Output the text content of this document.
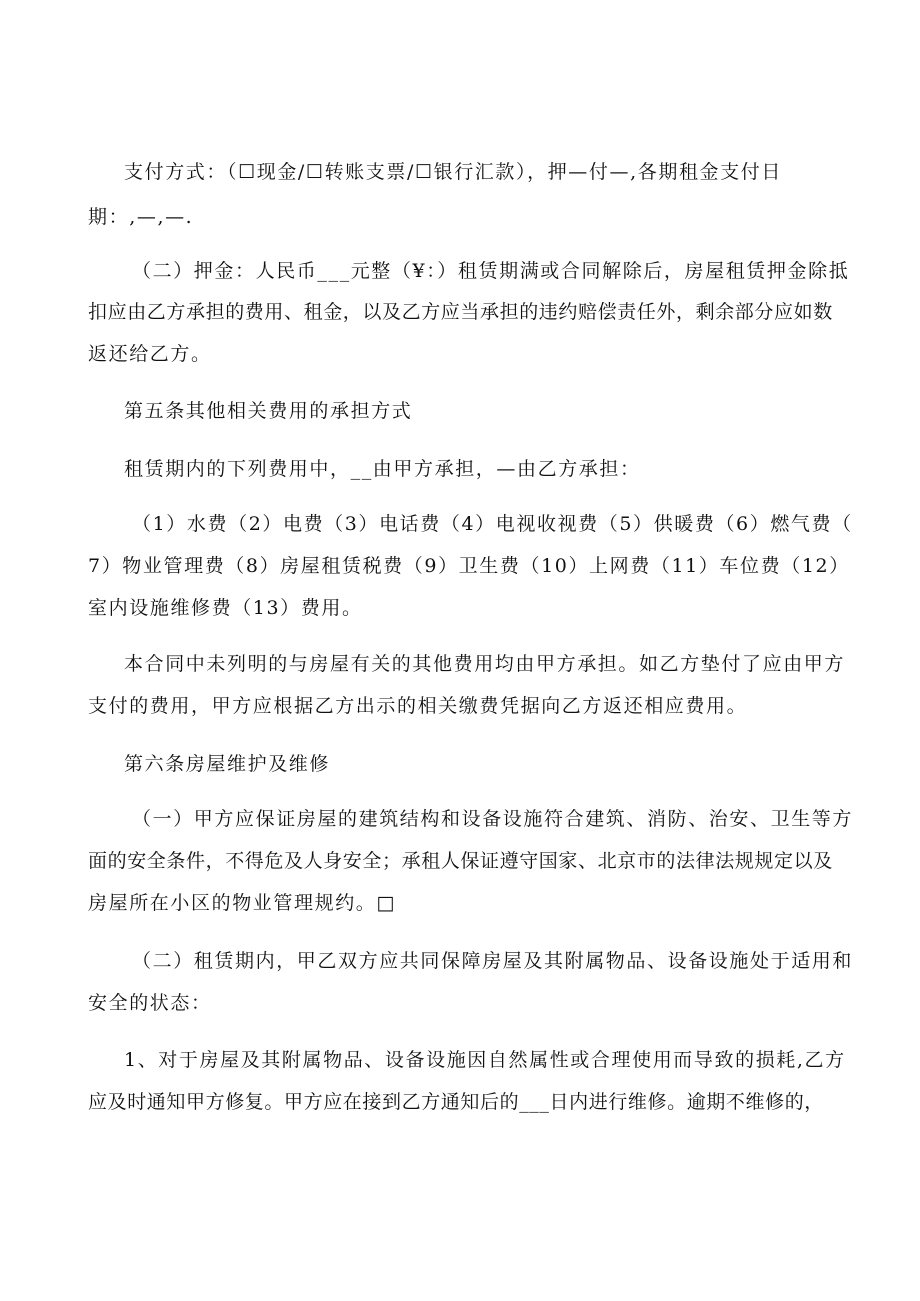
支付方式：（☐现金/☐转账支票/☐银行汇款），押—付—,各期租金支付日
期：,—,—.
（二）押金：人民币___元整（¥：）租赁期满或合同解除后，房屋租赁押金除抵
扣应由乙方承担的费用、租金，以及乙方应当承担的违约赔偿责任外，剩余部分应如数
返还给乙方。
第五条其他相关费用的承担方式
租赁期内的下列费用中，__由甲方承担，—由乙方承担：
（1）水费（2）电费（3）电话费（4）电视收视费（5）供暖费（6）燃气费（
7）物业管理费（8）房屋租赁税费（9）卫生费（10）上网费（11）车位费（12）
室内设施维修费（13）费用。
本合同中未列明的与房屋有关的其他费用均由甲方承担。如乙方垫付了应由甲方
支付的费用，甲方应根据乙方出示的相关缴费凭据向乙方返还相应费用。
第六条房屋维护及维修
（一）甲方应保证房屋的建筑结构和设备设施符合建筑、消防、治安、卫生等方
面的安全条件，不得危及人身安全；承租人保证遵守国家、北京市的法律法规规定以及
房屋所在小区的物业管理规约。□
（二）租赁期内，甲乙双方应共同保障房屋及其附属物品、设备设施处于适用和
安全的状态：
1、对于房屋及其附属物品、设备设施因自然属性或合理使用而导致的损耗,乙方
应及时通知甲方修复。甲方应在接到乙方通知后的___日内进行维修。逾期不维修的，
